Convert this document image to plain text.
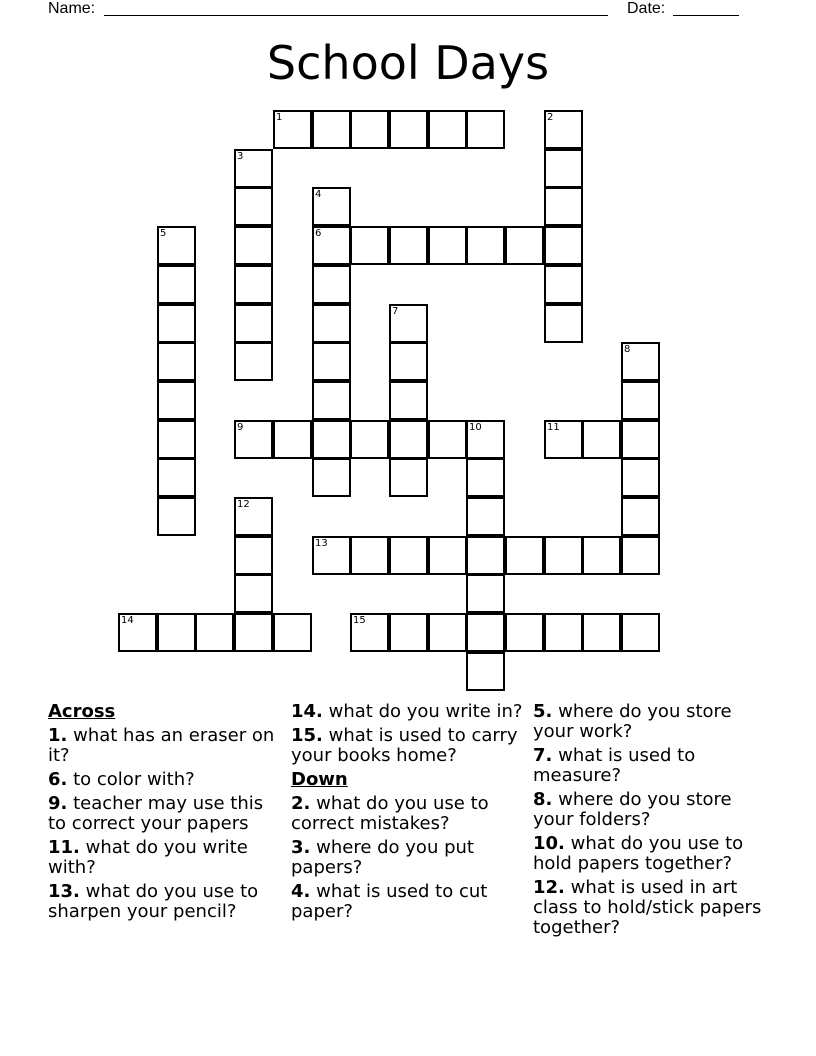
Name:	Date:
School Days
1	2
3
4
6
5
7
8
9	10	11
12
13
14	15
Across
1. what has an eraser on it?
6. to color with?
9. teacher may use this to correct your papers
11. what do you write with?
13. what do you use to sharpen your pencil?
14. what do you write in?
15. what is used to carry your books home?
Down
2. what do you use to correct mistakes?
3. where do you put papers?
4. what is used to cut paper?
5. where do you store your work?
7. what is used to measure?
8. where do you store your folders?
10. what do you use to hold papers together?
12. what is used in art class to hold/stick papers together?
